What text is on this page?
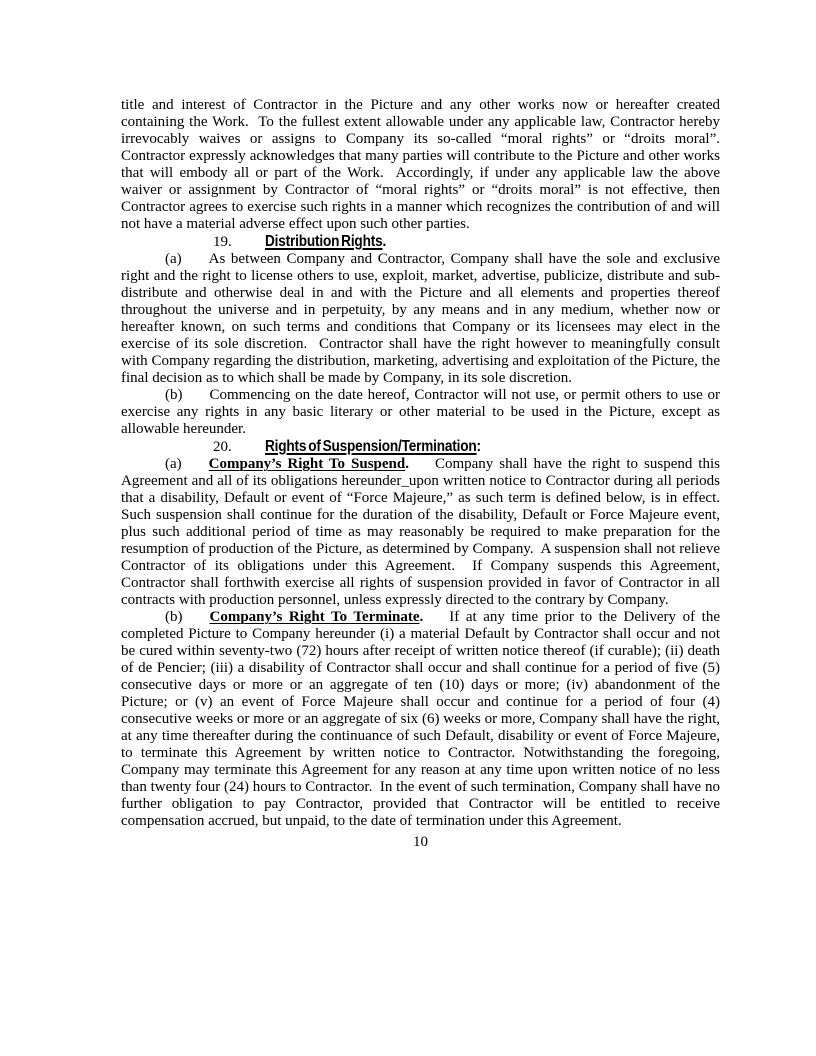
title and interest of Contractor in the Picture and any other works now or hereafter created containing the Work.  To the fullest extent allowable under any applicable law, Contractor hereby irrevocably waives or assigns to Company its so-called “moral rights” or “droits moral”.  Contractor expressly acknowledges that many parties will contribute to the Picture and other works that will embody all or part of the Work.  Accordingly, if under any applicable law the above waiver or assignment by Contractor of “moral rights” or “droits moral” is not effective, then Contractor agrees to exercise such rights in a manner which recognizes the contribution of and will not have a material adverse effect upon such other parties.

19. Distribution Rights.

(a) As between Company and Contractor, Company shall have the sole and exclusive right and the right to license others to use, exploit, market, advertise, publicize, distribute and sub-distribute and otherwise deal in and with the Picture and all elements and properties thereof throughout the universe and in perpetuity, by any means and in any medium, whether now or hereafter known, on such terms and conditions that Company or its licensees may elect in the exercise of its sole discretion.  Contractor shall have the right however to meaningfully consult with Company regarding the distribution, marketing, advertising and exploitation of the Picture, the final decision as to which shall be made by Company, in its sole discretion.

(b) Commencing on the date hereof, Contractor will not use, or permit others to use or exercise any rights in any basic literary or other material to be used in the Picture, except as allowable hereunder.

20. Rights of Suspension/Termination:

(a) Company’s Right To Suspend. Company shall have the right to suspend this Agreement and all of its obligations hereunder_upon written notice to Contractor during all periods that a disability, Default or event of “Force Majeure,” as such term is defined below, is in effect. Such suspension shall continue for the duration of the disability, Default or Force Majeure event, plus such additional period of time as may reasonably be required to make preparation for the resumption of production of the Picture, as determined by Company.  A suspension shall not relieve Contractor of its obligations under this Agreement.  If Company suspends this Agreement, Contractor shall forthwith exercise all rights of suspension provided in favor of Contractor in all contracts with production personnel, unless expressly directed to the contrary by Company.

(b) Company’s Right To Terminate. If at any time prior to the Delivery of the completed Picture to Company hereunder (i) a material Default by Contractor shall occur and not be cured within seventy-two (72) hours after receipt of written notice thereof (if curable); (ii) death of de Pencier; (iii) a disability of Contractor shall occur and shall continue for a period of five (5) consecutive days or more or an aggregate of ten (10) days or more; (iv) abandonment of the Picture; or (v) an event of Force Majeure shall occur and continue for a period of four (4) consecutive weeks or more or an aggregate of six (6) weeks or more, Company shall have the right, at any time thereafter during the continuance of such Default, disability or event of Force Majeure, to terminate this Agreement by written notice to Contractor. Notwithstanding the foregoing, Company may terminate this Agreement for any reason at any time upon written notice of no less than twenty four (24) hours to Contractor.  In the event of such termination, Company shall have no further obligation to pay Contractor, provided that Contractor will be entitled to receive compensation accrued, but unpaid, to the date of termination under this Agreement.

10
